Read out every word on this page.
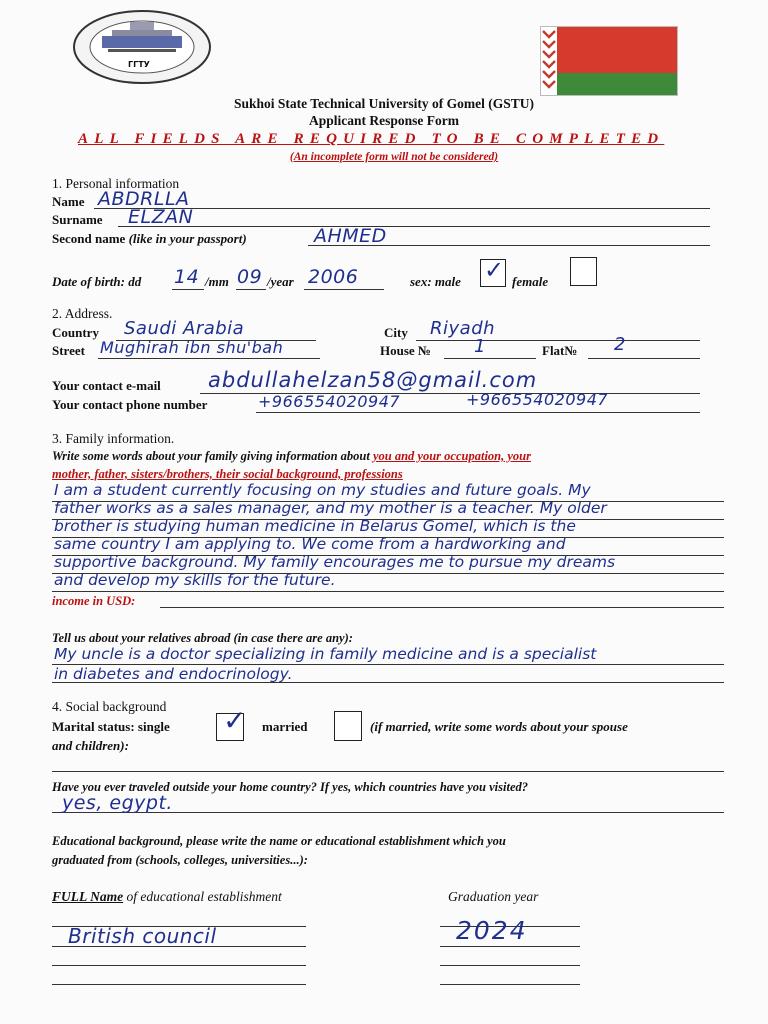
ГГТУ
Sukhoi State Technical University of Gomel (GSTU)
Applicant Response Form
ALL FIELDS ARE REQUIRED TO BE COMPLETED
(An incomplete form will not be considered)
1. Personal information
Name ABDRLLA
Surname ELZAN
Second name (like in your passport)	AHMED
Date of birth: dd 14 /mm 09 /year 2006	sex: male ✓ female
2. Address.
Country Saudi Arabia	City Riyadh
Street Mughirah ibn shu'bah	House № 1	Flat№ 2
Your contact e-mail abdullahelzan58@gmail.com
Your contact phone number	+966554020947	+966554020947
3. Family information.
Write some words about your family giving information about you and your occupation, your
mother, father, sisters/brothers, their social background, professions
I am a student currently focusing on my studies and future goals. My
father works as a sales manager, and my mother is a teacher. My older
brother is studying human medicine in Belarus Gomel, which is the
same country I am applying to. We come from a hardworking and
supportive background. My family encourages me to pursue my dreams
and develop my skills for the future.
income in USD:
Tell us about your relatives abroad (in case there are any):
My uncle is a doctor specializing in family medicine and is a specialist
in diabetes and endocrinology.
4. Social background
Marital status: single ✓ married	(if married, write some words about your spouse
and children):
Have you ever traveled outside your home country? If yes, which countries have you visited?
yes, egypt.
Educational background, please write the name or educational establishment which you
graduated from (schools, colleges, universities...):
FULL Name of educational establishment	Graduation year
British council	2024
